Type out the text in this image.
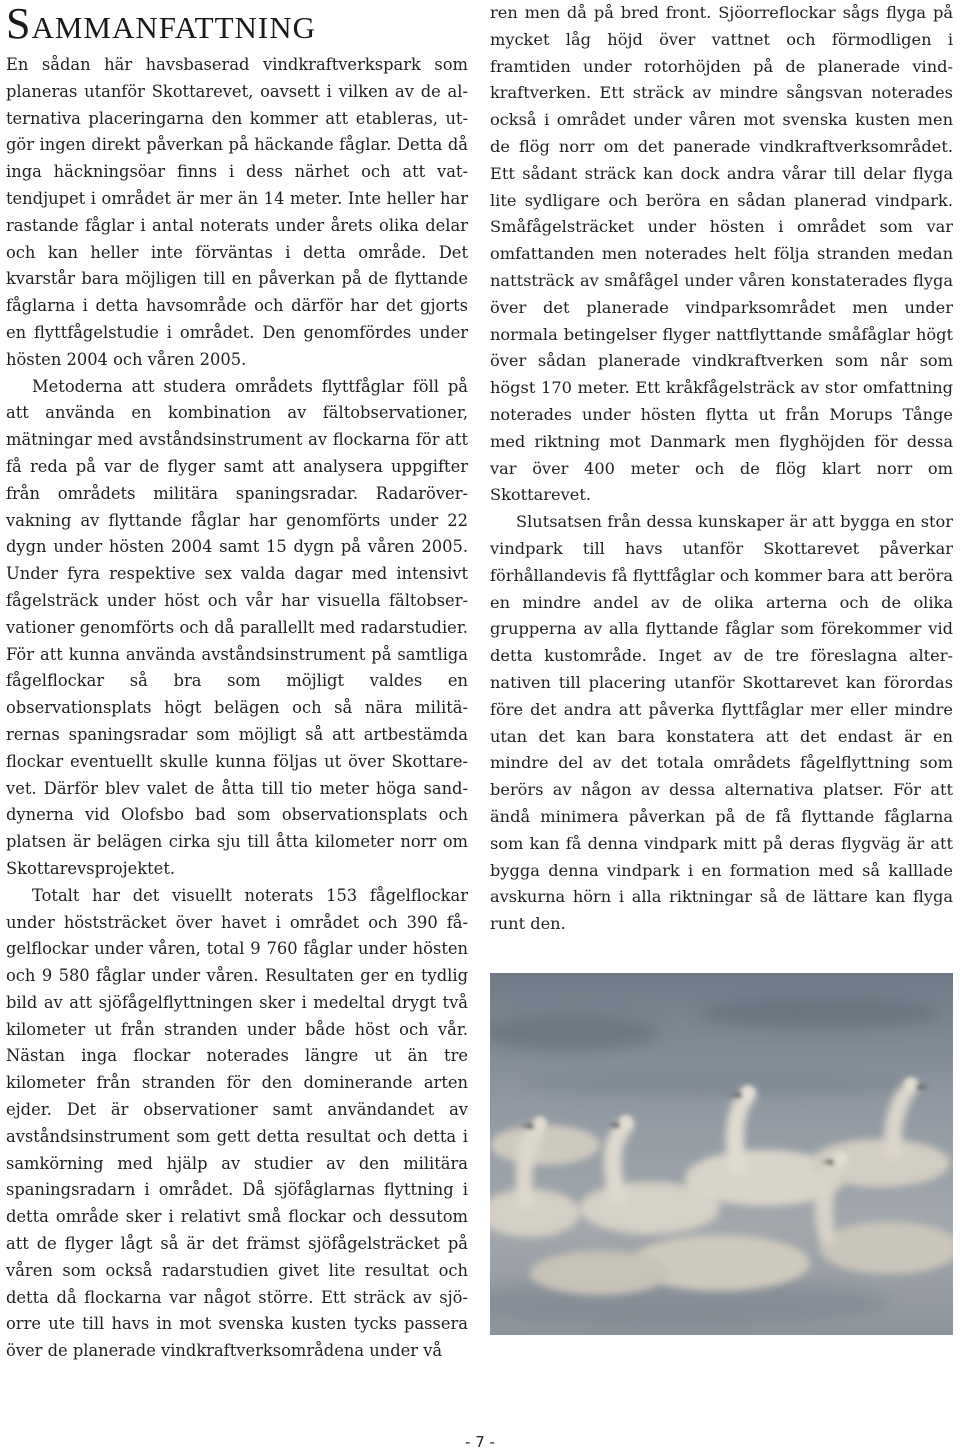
Sammanfattning

En sådan här havsbaserad vindkraftverkspark som planeras utanför Skottarevet, oavsett i vilken av de alternativa placeringarna den kommer att etableras, utgör ingen direkt påverkan på häckande fåglar. Detta då inga häckningsöar finns i dess närhet och att vattendjupet i området är mer än 14 meter. Inte heller har rastande fåglar i antal noterats under årets olika delar och kan heller inte förväntas i detta område. Det kvarstår bara möjligen till en påverkan på de flyttande fåglarna i detta havsområde och därför har det gjorts en flyttfågelstudie i området. Den genomfördes under hösten 2004 och våren 2005.

Metoderna att studera områdets flyttfåglar föll på att använda en kombination av fältobservationer, mätningar med avståndsinstrument av flockarna för att få reda på var de flyger samt att analysera uppgifter från områdets militära spaningsradar. Radarövervakning av flyttande fåglar har genomförts under 22 dygn under hösten 2004 samt 15 dygn på våren 2005. Under fyra respektive sex valda dagar med intensivt fågelsträck under höst och vår har visuella fältobservationer genomförts och då parallellt med radarstudier. För att kunna använda avståndsinstrument på samtliga fågelflockar så bra som möjligt valdes en observationsplats högt belägen och så nära militärernas spaningsradar som möjligt så att artbestämda flockar eventuellt skulle kunna följas ut över Skottarevet. Därför blev valet de åtta till tio meter höga sanddynerna vid Olofsbo bad som observationsplats och platsen är belägen cirka sju till åtta kilometer norr om Skottarevsprojektet.

Totalt har det visuellt noterats 153 fågelflockar under höststräcket över havet i området och 390 fågelflockar under våren, total 9 760 fåglar under hösten och 9 580 fåglar under våren. Resultaten ger en tydlig bild av att sjöfågelflyttningen sker i medeltal drygt två kilometer ut från stranden under både höst och vår. Nästan inga flockar noterades längre ut än tre kilometer från stranden för den dominerande arten ejder. Det är observationer samt användandet av avståndsinstrument som gett detta resultat och detta i samkörning med hjälp av studier av den militära spaningsradarn i området. Då sjöfåglarnas flyttning i detta område sker i relativt små flockar och dessutom att de flyger lågt så är det främst sjöfågelsträcket på våren som också radarstudien givet lite resultat och detta då flockarna var något större. Ett sträck av sjöorre ute till havs in mot svenska kusten tycks passera över de planerade vindkraftverksområdena under vå

ren men då på bred front. Sjöorreflockar sågs flyga på mycket låg höjd över vattnet och förmodligen i framtiden under rotorhöjden på de planerade vindkraftverken. Ett sträck av mindre sångsvan noterades också i området under våren mot svenska kusten men de flög norr om det panerade vindkraftverksområdet. Ett sådant sträck kan dock andra vårar till delar flyga lite sydligare och beröra en sådan planerad vindpark. Småfågelsträcket under hösten i området som var omfattanden men noterades helt följa stranden medan nattsträck av småfågel under våren konstaterades flyga över det planerade vindparksområdet men under normala betingelser flyger nattflyttande småfåglar högt över sådan planerade vindkraftverken som når som högst 170 meter. Ett kråkfågelsträck av stor omfattning noterades under hösten flytta ut från Morups Tånge med riktning mot Danmark men flyghöjden för dessa var över 400 meter och de flög klart norr om Skottarevet.

Slutsatsen från dessa kunskaper är att bygga en stor vindpark till havs utanför Skottarevet påverkar förhållandevis få flyttfåglar och kommer bara att beröra en mindre andel av de olika arterna och de olika grupperna av alla flyttande fåglar som förekommer vid detta kustområde. Inget av de tre föreslagna alternativen till placering utanför Skottarevet kan förordas före det andra att påverka flyttfåglar mer eller mindre utan det kan bara konstatera att det endast är en mindre del av det totala områdets fågelflyttning som berörs av någon av dessa alternativa platser. För att ändå minimera påverkan på de få flyttande fåglarna som kan få denna vindpark mitt på deras flygväg är att bygga denna vindpark i en formation med så kalllade avskurna hörn i alla riktningar så de lättare kan flyga runt den.

- 7 -
